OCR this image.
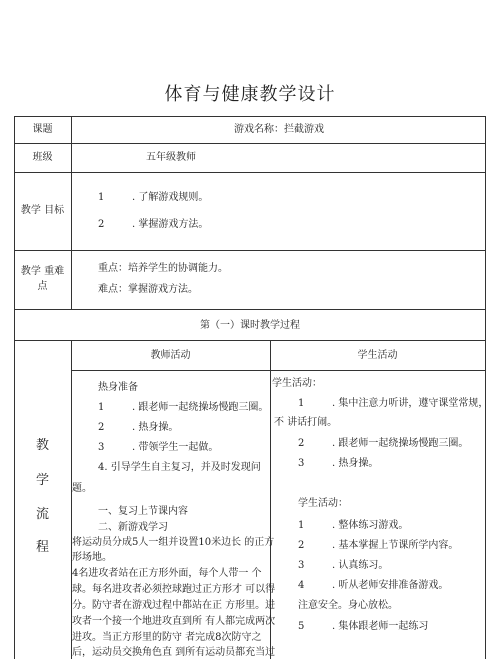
体育与健康教学设计
课题	游戏名称：拦截游戏
班级	五年级教师
教学 目标
1	. 了解游戏规则。
2	. 掌握游戏方法。
教学 重难
点
重点：培养学生的协调能力。
难点：掌握游戏方法。
第（一）课时教学过程
教
学
流
程
教师活动	学生活动
热身准备
1	. 跟老师一起绕操场慢跑三圈。
2	. 热身操。
3	. 带领学生一起做。
4. 引导学生自主复习，并及时发现问
题。
一、复习上节课内容
二、新游戏学习
将运动员分成5人一组并设置10米边长 的正方
形场地。
4名进攻者站在正方形外面，每个人带一 个
球。每名进攻者必须控球跑过正方形才 可以得
分。防守者在游戏过程中都站在正 方形里。进
攻者一个接一个地进攻直到所 有人都完成两次
进攻。当正方形里的防守 者完成8次防守之
后，运动员交换角色直 到所有运动员都充当过
学生活动：
1	. 集中注意力听讲，遵守课堂常规，
不 讲话打闹。
2	. 跟老师一起绕操场慢跑三圈。
3	. 热身操。
学生活动：
1	. 整体练习游戏。
2	. 基本掌握上节课所学内容。
3	. 认真练习。
4	. 听从老师安排准备游戏。
注意安全。身心放松。
5	. 集体跟老师一起练习
